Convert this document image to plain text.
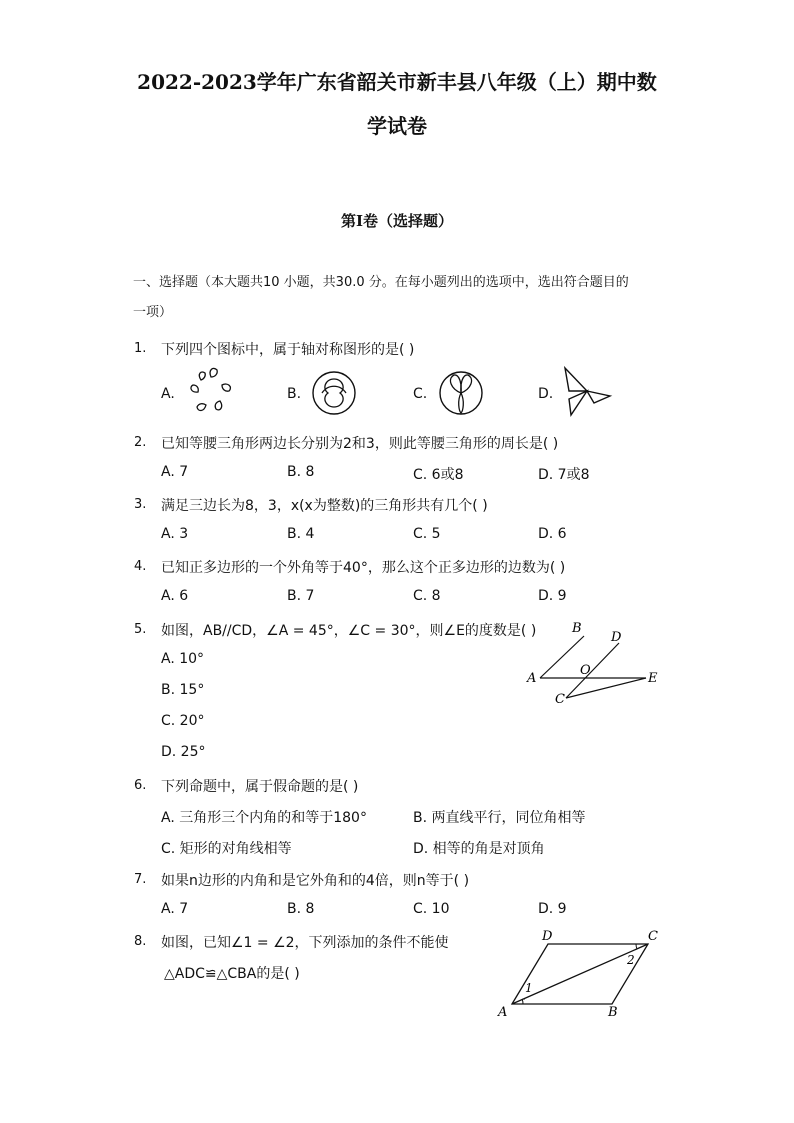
2022-2023学年广东省韶关市新丰县八年级（上）期中数
学试卷
第I卷（选择题）
一、选择题（本大题共10 小题，共30.0 分。在每小题列出的选项中，选出符合题目的
一项）
1. 下列四个图标中，属于轴对称图形的是( )
A.	B.	C.	D.
2. 已知等腰三角形两边长分别为2和3，则此等腰三角形的周长是( )
A. 7	B. 8	C. 6或8	D. 7或8
3. 满足三边长为8，3，x(x为整数)的三角形共有几个( )
A. 3	B. 4	C. 5	D. 6
4. 已知正多边形的一个外角等于40°，那么这个正多边形的边数为( )
A. 6	B. 7	C. 8	D. 9
5. 如图，AB//CD，∠A = 45°，∠C = 30°，则∠E的度数是( )
A. 10°
B. 15°
C. 20°
D. 25°
A
B
C
D
E
O
6. 下列命题中，属于假命题的是( )
A. 三角形三个内角的和等于180°	B. 两直线平行，同位角相等
C. 矩形的对角线相等	D. 相等的角是对顶角
7. 如果n边形的内角和是它外角和的4倍，则n等于( )
A. 7	B. 8	C. 10	D. 9
8. 如图，已知∠1 = ∠2，下列添加的条件不能使
△ADC≌△CBA的是( )
A	B
C
D
1
2
